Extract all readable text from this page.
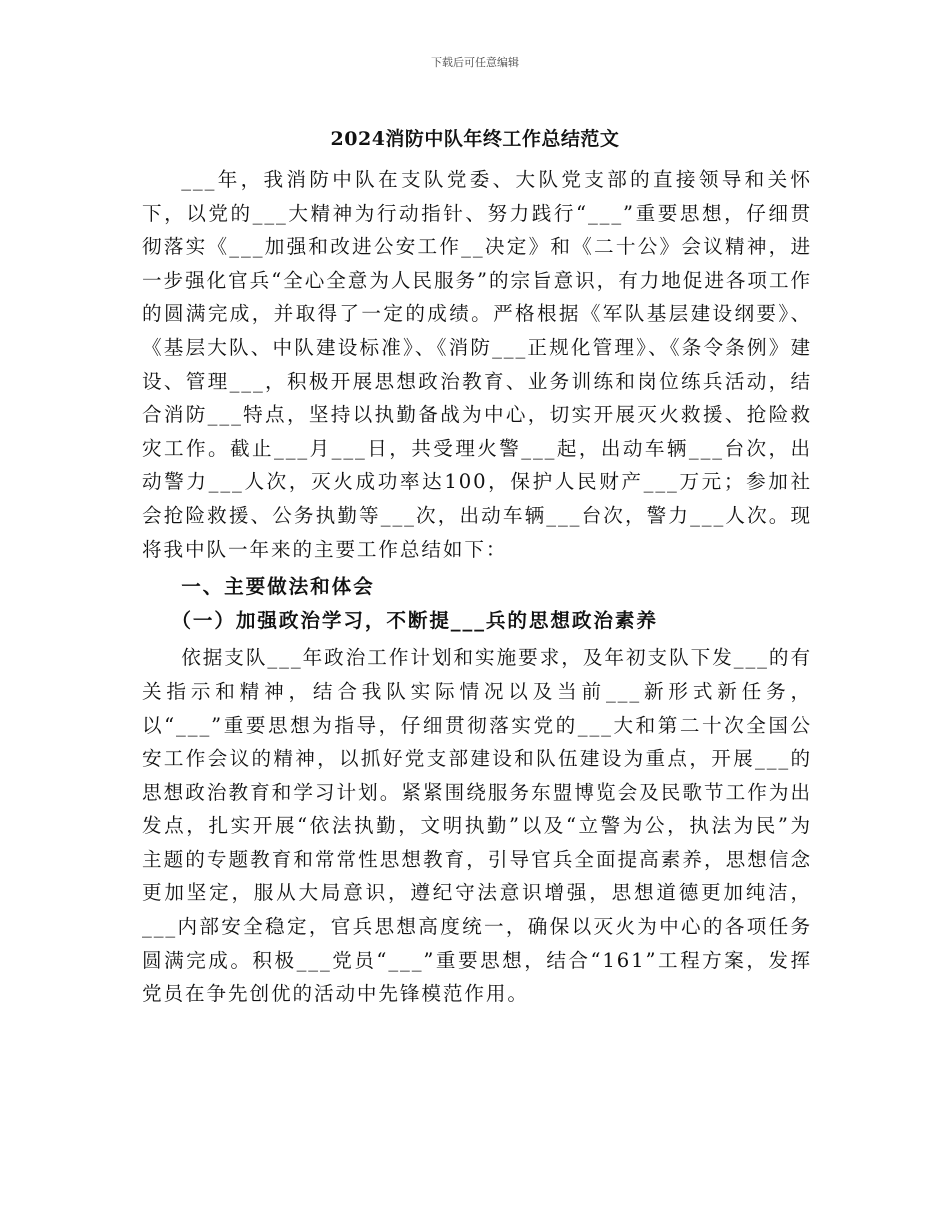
下载后可任意编辑
2024消防中队年终工作总结范文

___年，我消防中队在支队党委、大队党支部的直接领导和关怀下，以党的___大精神为行动指针、努力践行“___”重要思想，仔细贯彻落实《___加强和改进公安工作__决定》和《二十公》会议精神，进一步强化官兵“全心全意为人民服务”的宗旨意识，有力地促进各项工作的圆满完成，并取得了一定的成绩。严格根据《军队基层建设纲要》、《基层大队、中队建设标准》、《消防___正规化管理》、《条令条例》建设、管理___，积极开展思想政治教育、业务训练和岗位练兵活动，结合消防___特点，坚持以执勤备战为中心，切实开展灭火救援、抢险救灾工作。截止___月___日，共受理火警___起，出动车辆___台次，出动警力___人次，灭火成功率达100，保护人民财产___万元；参加社会抢险救援、公务执勤等___次，出动车辆___台次，警力___人次。现将我中队一年来的主要工作总结如下：

一、主要做法和体会

（一）加强政治学习，不断提___兵的思想政治素养

依据支队___年政治工作计划和实施要求，及年初支队下发___的有关指示和精神，结合我队实际情况以及当前___新形式新任务，以“___”重要思想为指导，仔细贯彻落实党的___大和第二十次全国公安工作会议的精神，以抓好党支部建设和队伍建设为重点，开展___的思想政治教育和学习计划。紧紧围绕服务东盟博览会及民歌节工作为出发点，扎实开展“依法执勤，文明执勤”以及“立警为公，执法为民”为主题的专题教育和常常性思想教育，引导官兵全面提高素养，思想信念更加坚定，服从大局意识，遵纪守法意识增强，思想道德更加纯洁，___内部安全稳定，官兵思想高度统一，确保以灭火为中心的各项任务圆满完成。积极___党员“___”重要思想，结合“161”工程方案，发挥党员在争先创优的活动中先锋模范作用。
